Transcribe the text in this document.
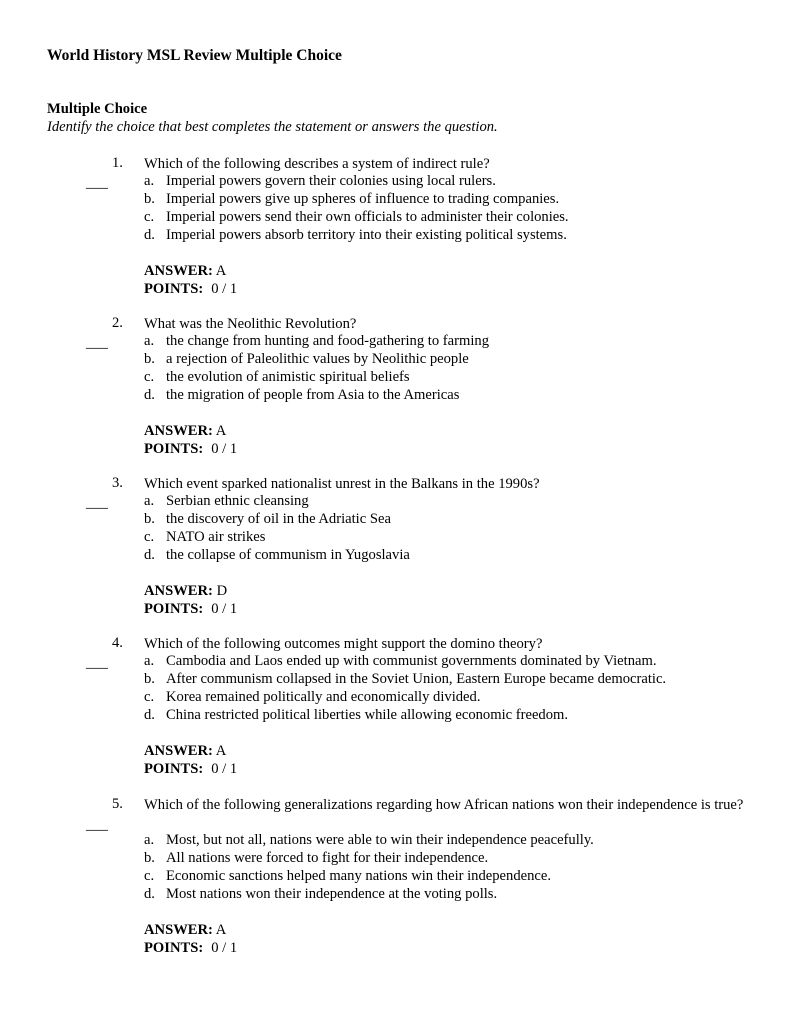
World History MSL Review Multiple Choice
Multiple Choice
Identify the choice that best completes the statement or answers the question.
___
1. Which of the following describes a system of indirect rule?
a. Imperial powers govern their colonies using local rulers.
b. Imperial powers give up spheres of influence to trading companies.
c. Imperial powers send their own officials to administer their colonies.
d. Imperial powers absorb territory into their existing political systems.
ANSWER: A
POINTS: 0 / 1
___
2. What was the Neolithic Revolution?
a. the change from hunting and food-gathering to farming
b. a rejection of Paleolithic values by Neolithic people
c. the evolution of animistic spiritual beliefs
d. the migration of people from Asia to the Americas
ANSWER: A
POINTS: 0 / 1
___
3. Which event sparked nationalist unrest in the Balkans in the 1990s?
a. Serbian ethnic cleansing
b. the discovery of oil in the Adriatic Sea
c. NATO air strikes
d. the collapse of communism in Yugoslavia
ANSWER: D
POINTS: 0 / 1
___
4. Which of the following outcomes might support the domino theory?
a. Cambodia and Laos ended up with communist governments dominated by Vietnam.
b. After communism collapsed in the Soviet Union, Eastern Europe became democratic.
c. Korea remained politically and economically divided.
d. China restricted political liberties while allowing economic freedom.
ANSWER: A
POINTS: 0 / 1
___
5. Which of the following generalizations regarding how African nations won their independence is true?
a. Most, but not all, nations were able to win their independence peacefully.
b. All nations were forced to fight for their independence.
c. Economic sanctions helped many nations win their independence.
d. Most nations won their independence at the voting polls.
ANSWER: A
POINTS: 0 / 1
